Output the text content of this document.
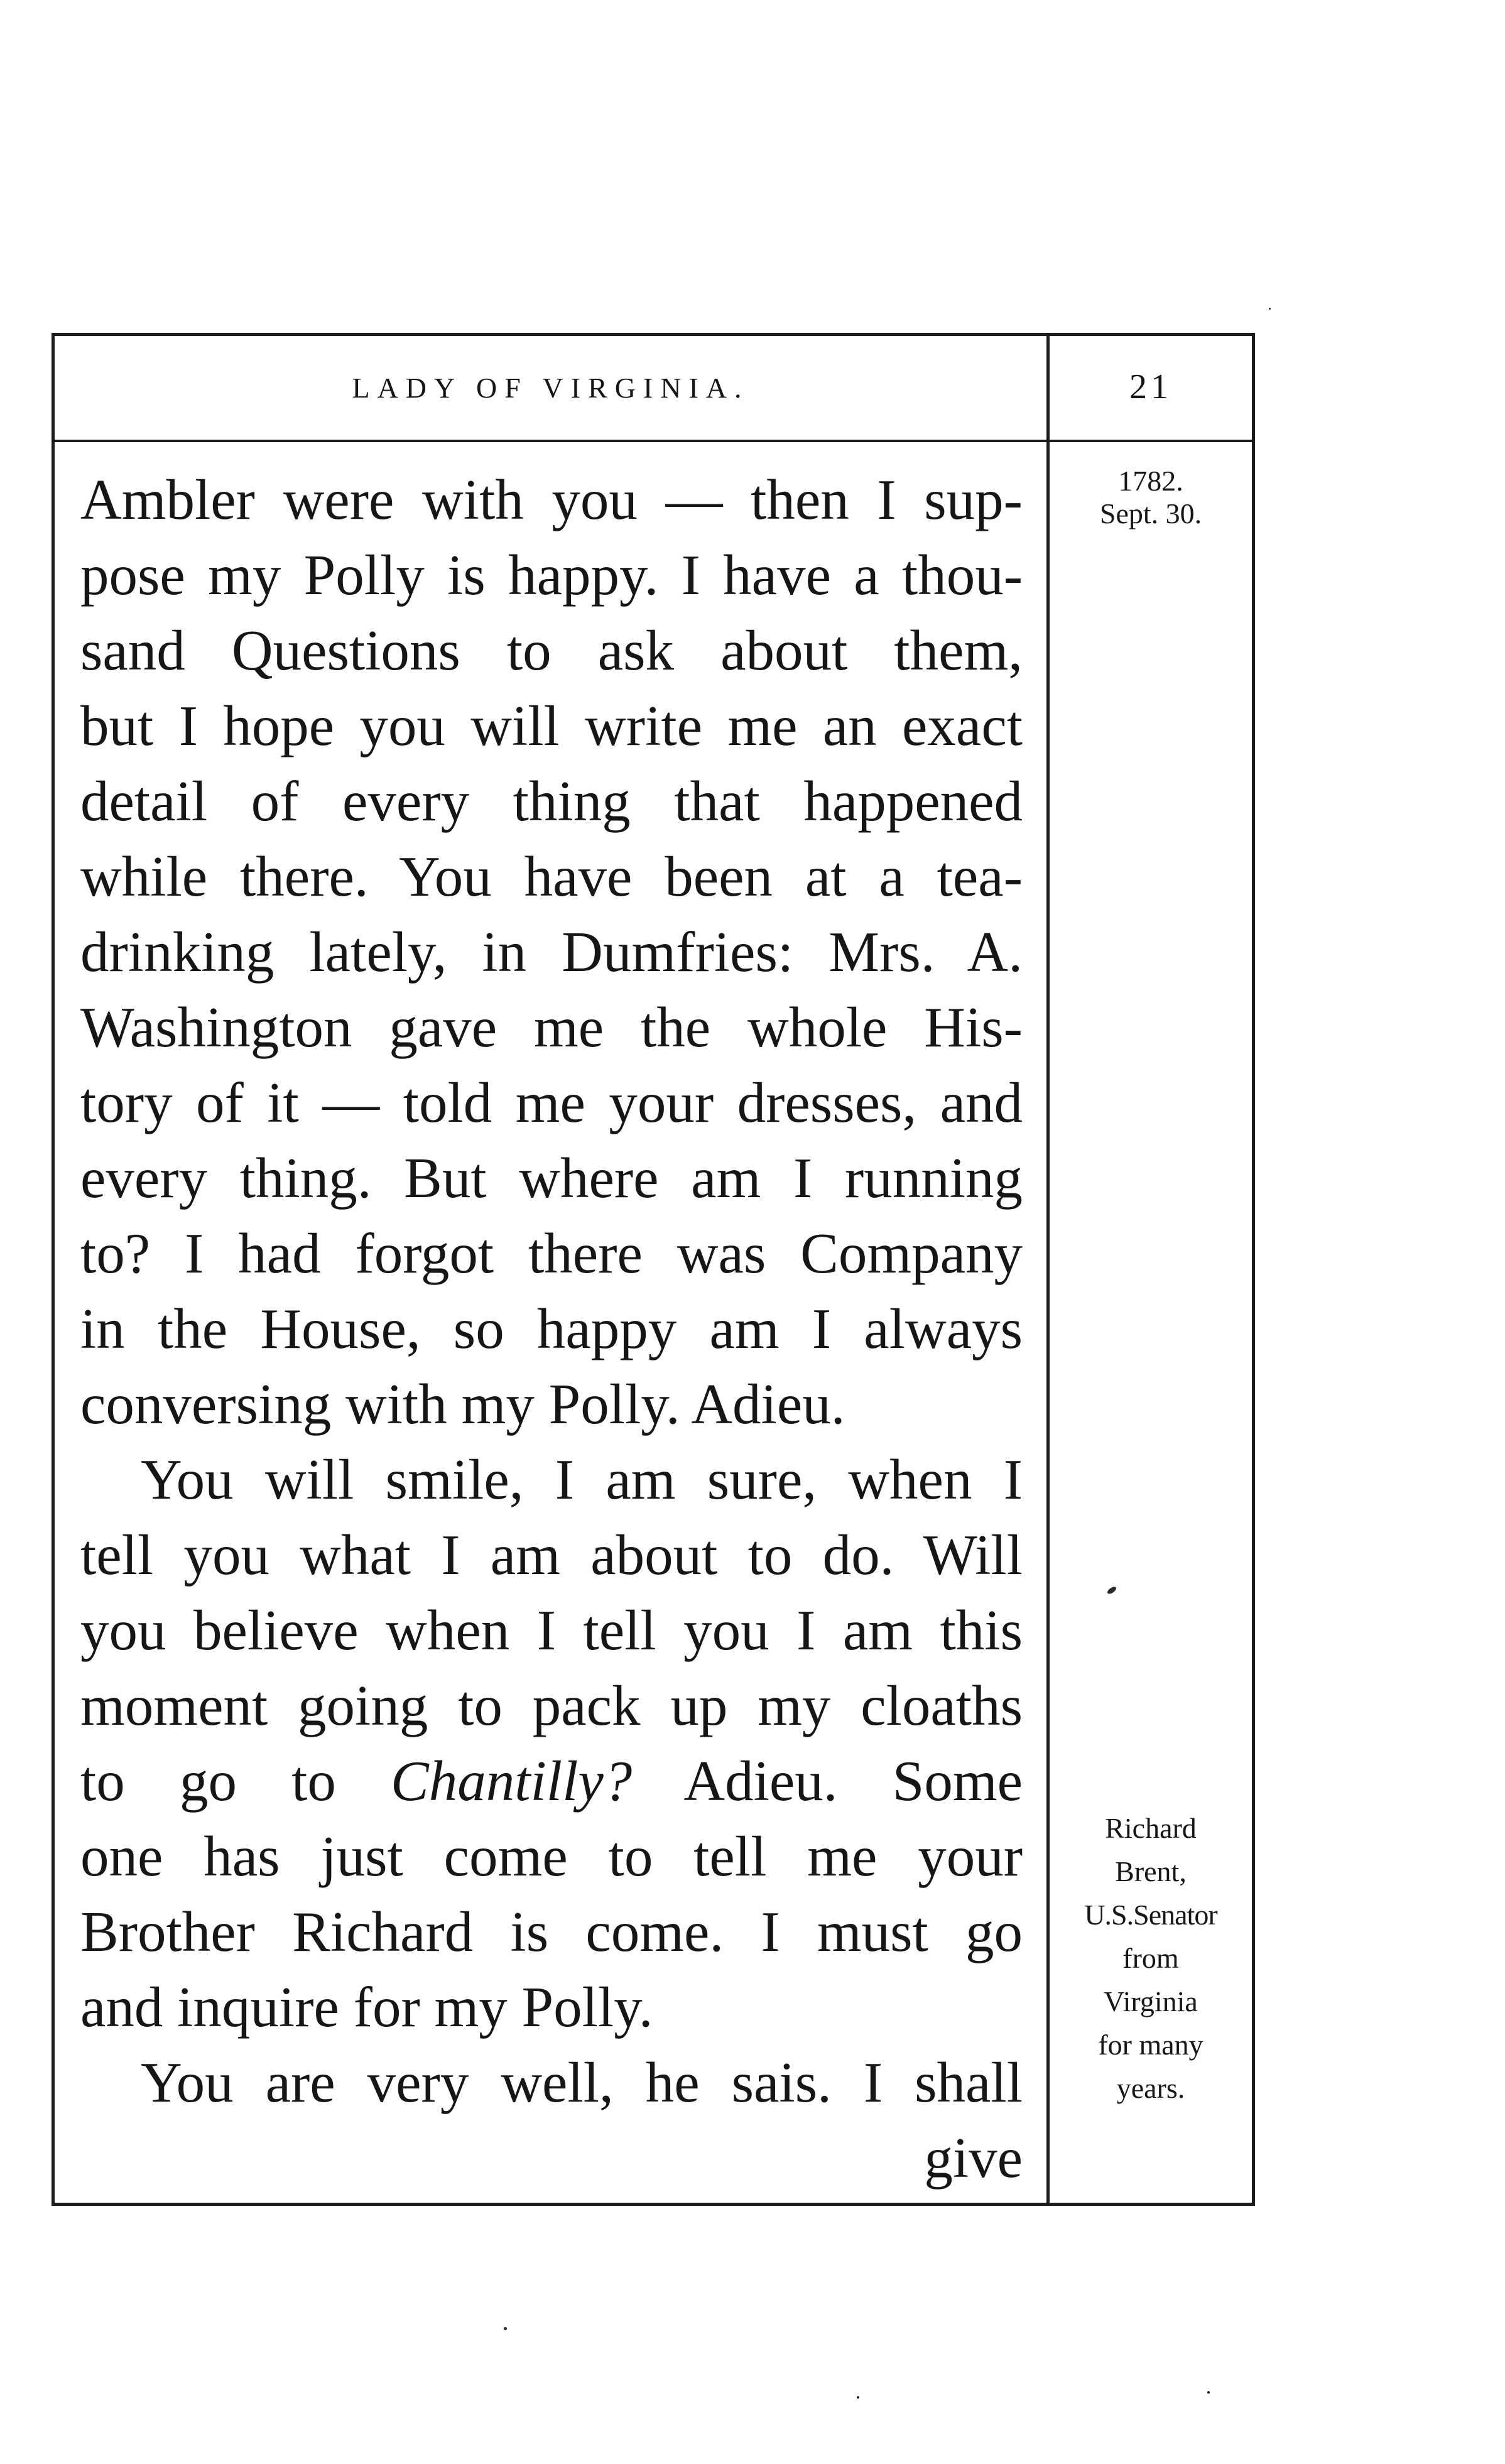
LADY OF VIRGINIA.	21
1782.
Sept. 30.
Ambler were with you — then I sup-
pose my Polly is happy. I have a thou-
sand Questions to ask about them,
but I hope you will write me an exact
detail of every thing that happened
while there. You have been at a tea-
drinking lately, in Dumfries: Mrs. A.
Washington gave me the whole His-
tory of it — told me your dresses, and
every thing. But where am I running
to? I had forgot there was Company
in the House, so happy am I always
conversing with my Polly. Adieu.
You will smile, I am sure, when I
tell you what I am about to do. Will
you believe when I tell you I am this
moment going to pack up my cloaths
to go to Chantilly? Adieu. Some
one has just come to tell me your
Brother Richard is come. I must go
and inquire for my Polly.
You are very well, he sais. I shall
give
Richard
Brent,
U.S.Senator
from
Virginia
for many
years.
